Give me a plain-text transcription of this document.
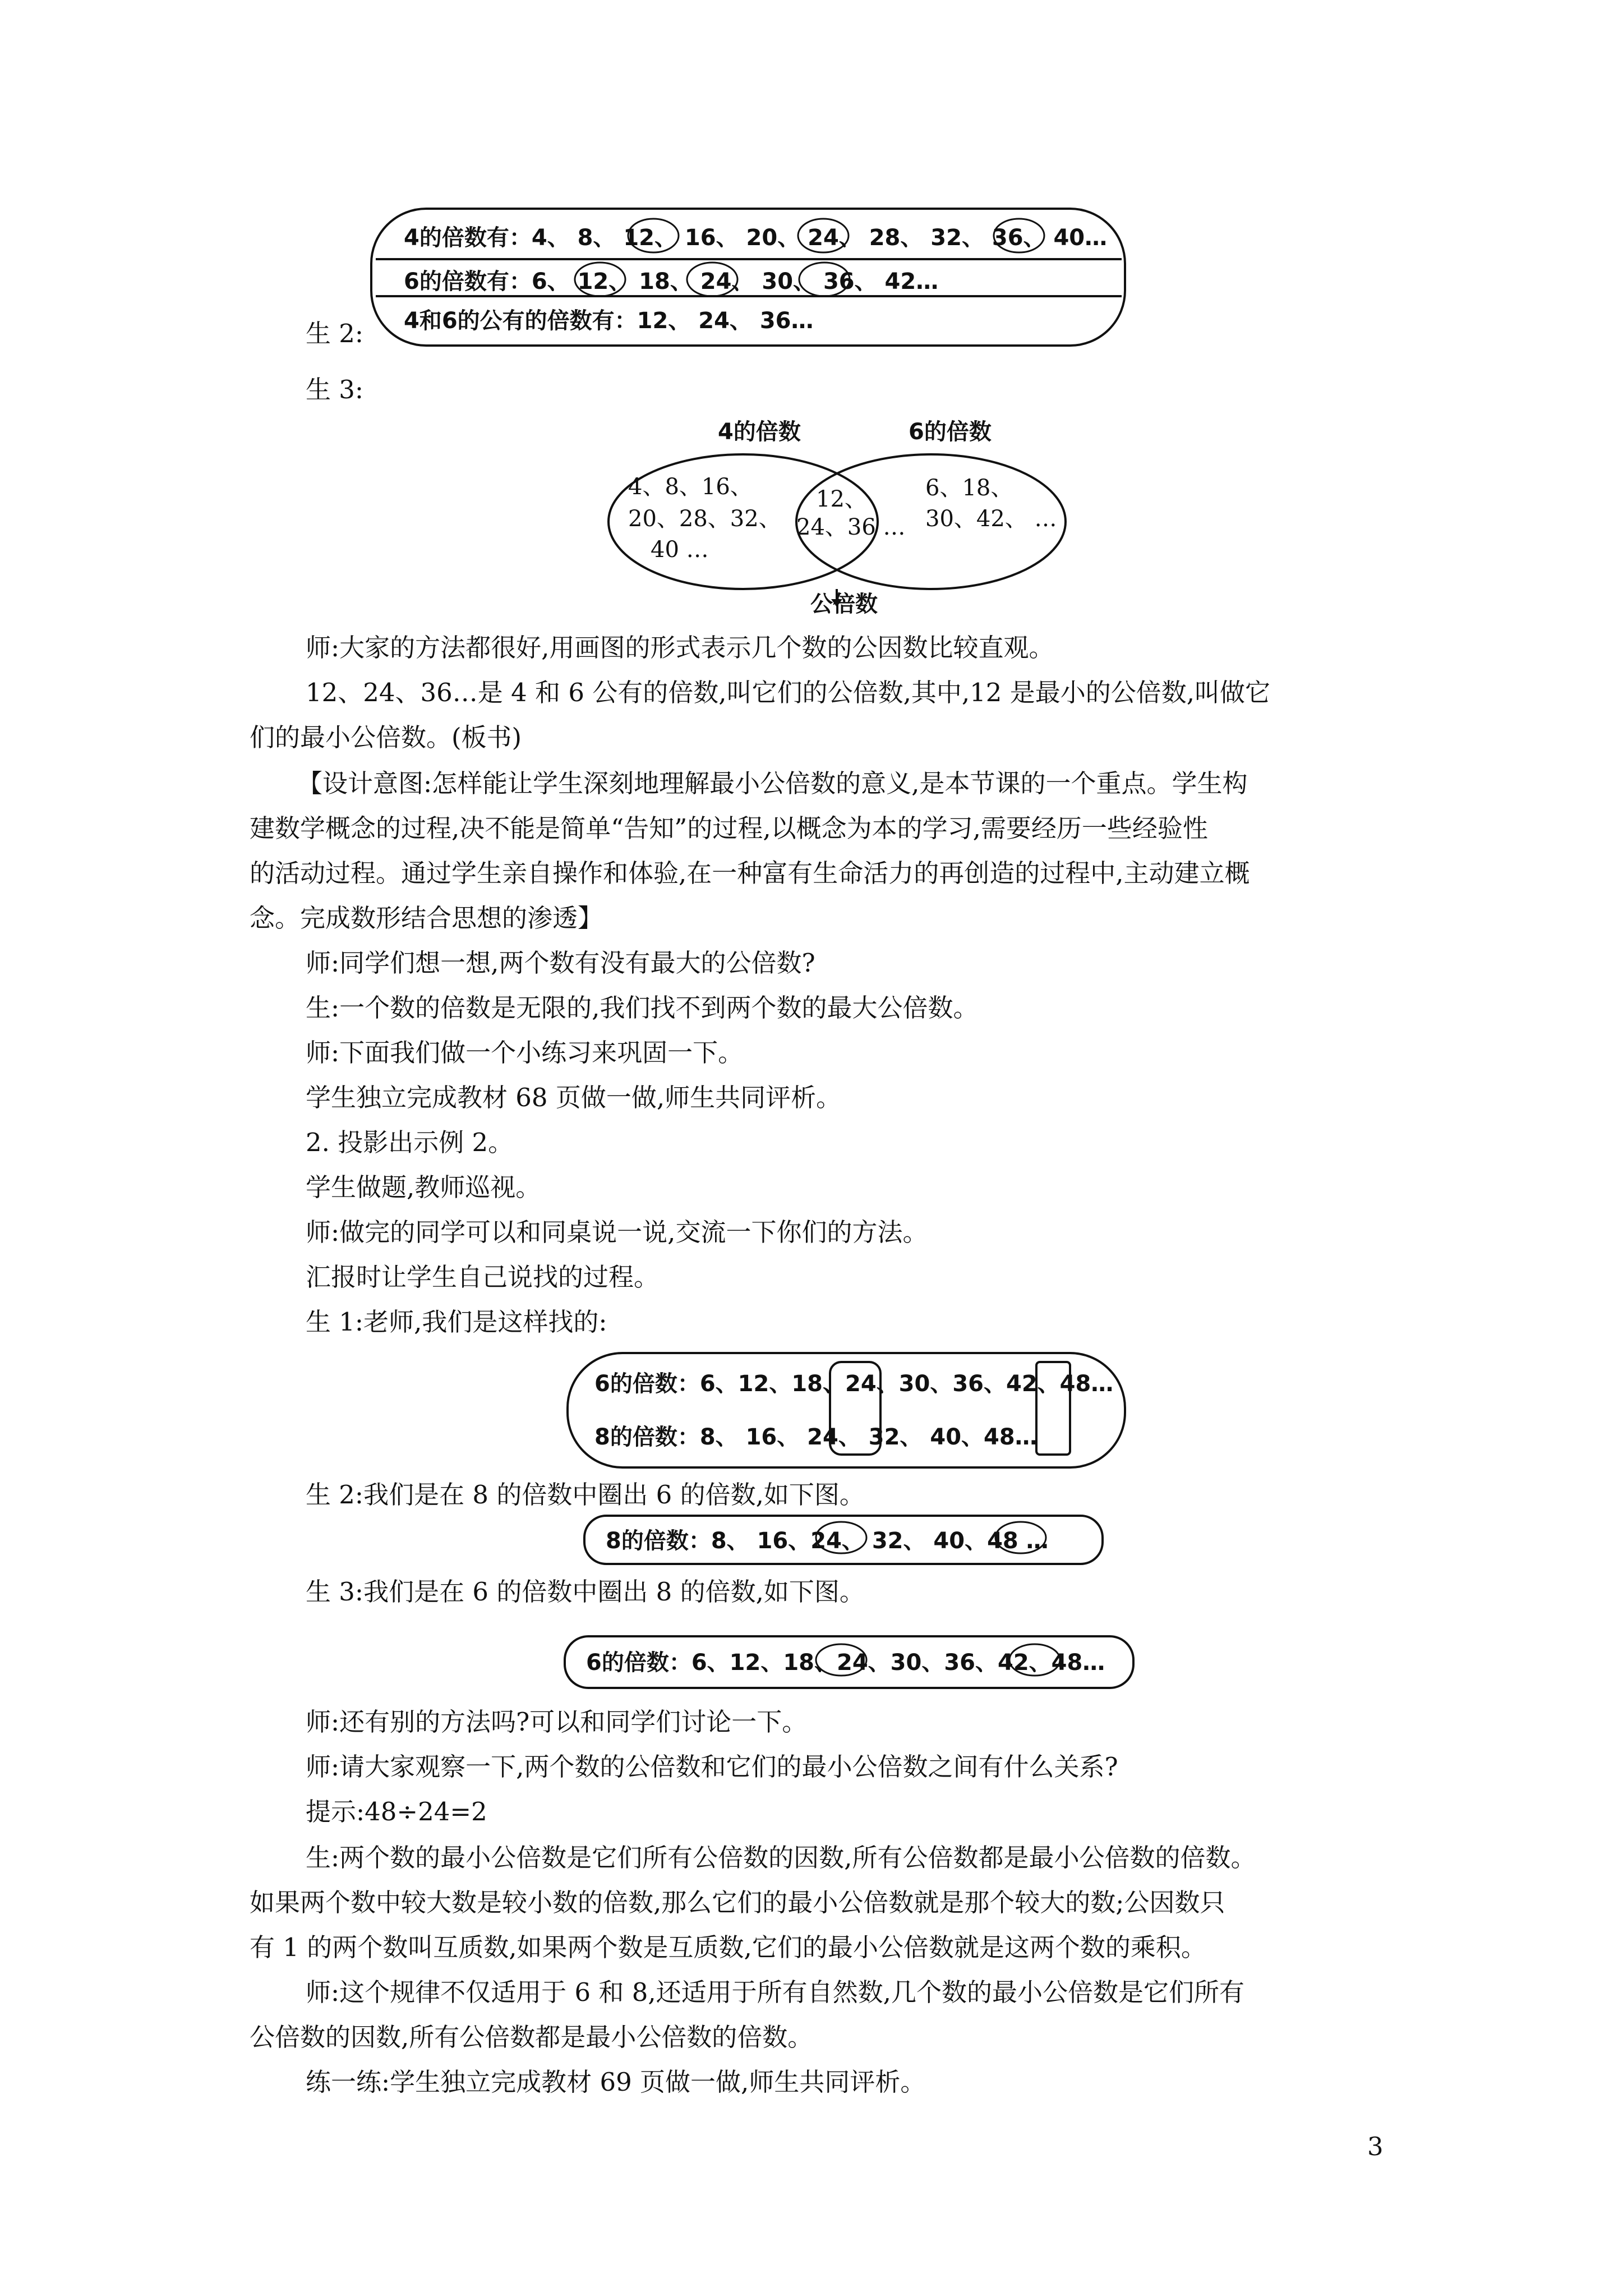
4的倍数有：4、 8、 12、 16、 20、 24、 28、 32、 36、 40…
6的倍数有：6、 12、 18、 24、 30、 36、 42…
4和6的公有的倍数有：12、 24、 36…
生 2:
生 3:
4的倍数	6的倍数
4、8、16、
20、28、32、
40 …
12、
24、36 …
6、18、
30、42、 …
公倍数
师:大家的方法都很好,用画图的形式表示几个数的公因数比较直观。
12、24、36…是 4 和 6 公有的倍数,叫它们的公倍数,其中,12 是最小的公倍数,叫做它
们的最小公倍数。(板书)
【设计意图:怎样能让学生深刻地理解最小公倍数的意义,是本节课的一个重点。学生构
建数学概念的过程,决不能是简单“告知”的过程,以概念为本的学习,需要经历一些经验性
的活动过程。通过学生亲自操作和体验,在一种富有生命活力的再创造的过程中,主动建立概
念。完成数形结合思想的渗透】
师:同学们想一想,两个数有没有最大的公倍数?
生:一个数的倍数是无限的,我们找不到两个数的最大公倍数。
师:下面我们做一个小练习来巩固一下。
学生独立完成教材 68 页做一做,师生共同评析。
2. 投影出示例 2。
学生做题,教师巡视。
师:做完的同学可以和同桌说一说,交流一下你们的方法。
汇报时让学生自己说找的过程。
生 1:老师,我们是这样找的:
6的倍数：6、12、18、24、30、36、42、48…
8的倍数：8、 16、 24、 32、 40、48…
生 2:我们是在 8 的倍数中圈出 6 的倍数,如下图。
8的倍数：8、 16、24、 32、 40、48 …
生 3:我们是在 6 的倍数中圈出 8 的倍数,如下图。
6的倍数：6、12、18、24、30、36、42、48…
师:还有别的方法吗?可以和同学们讨论一下。
师:请大家观察一下,两个数的公倍数和它们的最小公倍数之间有什么关系?
提示:48÷24=2
生:两个数的最小公倍数是它们所有公倍数的因数,所有公倍数都是最小公倍数的倍数。
如果两个数中较大数是较小数的倍数,那么它们的最小公倍数就是那个较大的数;公因数只
有 1 的两个数叫互质数,如果两个数是互质数,它们的最小公倍数就是这两个数的乘积。
师:这个规律不仅适用于 6 和 8,还适用于所有自然数,几个数的最小公倍数是它们所有
公倍数的因数,所有公倍数都是最小公倍数的倍数。
练一练:学生独立完成教材 69 页做一做,师生共同评析。
3
